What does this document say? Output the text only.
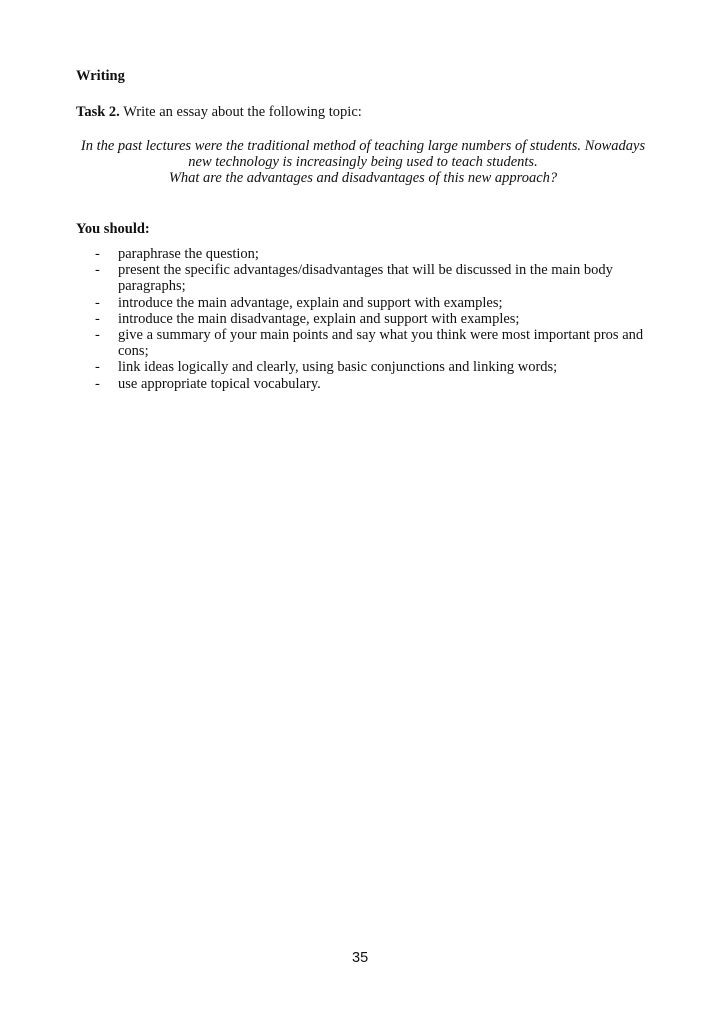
Writing
Task 2. Write an essay about the following topic:
In the past lectures were the traditional method of teaching large numbers of students. Nowadays
new technology is increasingly being used to teach students.
What are the advantages and disadvantages of this new approach?
You should:
- paraphrase the question;
- present the specific advantages/disadvantages that will be discussed in the main body paragraphs;
- introduce the main advantage, explain and support with examples;
- introduce the main disadvantage, explain and support with examples;
- give a summary of your main points and say what you think were most important pros and cons;
- link ideas logically and clearly, using basic conjunctions and linking words;
- use appropriate topical vocabulary.
35
